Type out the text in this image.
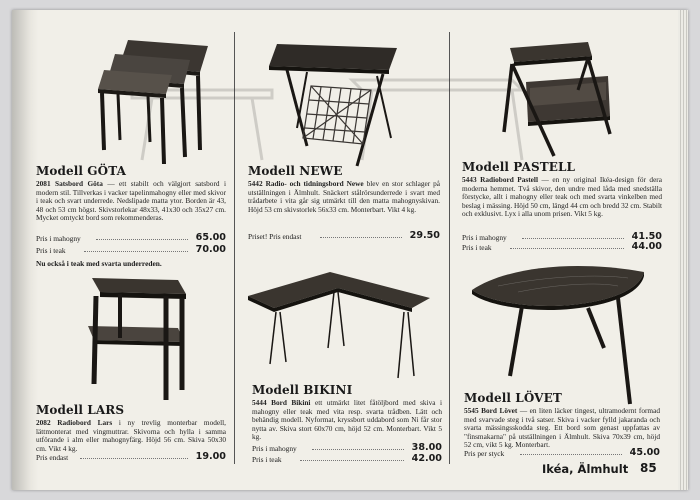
Modell GÖTA
2081 Satsbord Göta — ett stabilt och välgjort satsbord i modern stil. Tillverkas i vacker tapelinmahogny eller med skivor i teak och svart underrede. Nedslipade matta ytor. Borden är 43, 48 och 53 cm högst. Skivstorlekar 48x33, 41x30 och 35x27 cm. Mycket omtyckt bord som rekommenderas.
Pris i mahogny	65.00
Pris i teak	70.00
Nu också i teak med svarta underreden.
Modell NEWE
5442 Radio- och tidningsbord Newe blev en stor schlager på utställningen i Älmhult. Snäckert stålrörsunderrede i svart med trådarbete i vita går sig utmärkt till den matta mahognyskivan. Höjd 53 cm skivstorlek 56x33 cm. Monterbart. Vikt 4 kg.
Priset! Pris endast	29.50
Modell PASTELL
5443 Radiobord Pastell — en ny original Ikéa-design för dera moderna hemmet. Två skivor, den undre med låda med snedställa förstycke, allt i mahogny eller teak och med svarta vinkelben med beslag i mässing. Höjd 50 cm, längd 44 cm och bredd 32 cm. Stabilt och exklusivt. Lyx i alla unom prisen. Vikt 5 kg.
Pris i mahogny	41.50
Pris i teak	44.00
Modell LARS
2082 Radiobord Lars i ny trevlig monterbar modell, lättmonterat med vingmuttrar. Skivorna och hylla i samma utförande i alm eller mahognyfärg. Höjd 56 cm. Skiva 50x30 cm. Vikt 4 kg.
Pris endast	19.00
Modell BIKINI
5444 Bord Bikini ett utmärkt litet fåtöljbord med skiva i mahogny eller teak med vita resp. svarta trådben. Lätt och behändig modell. Nyformat, kryssbort uddabord som Ni får stor nytta av. Skiva stort 60x70 cm, höjd 52 cm. Monterbart. Vikt 5 kg.
Pris i mahogny	38.00
Pris i teak	42.00
Modell LÖVET
5545 Bord Lövet — en liten läcker tingest, ultramodernt formad med svarvade steg i två satser. Skiva i vacker fylld jakaranda och svarta mässingsskodda steg. Ett bord som genast uppfattas av "finsmakarna" på utställningen i Älmhult. Skiva 70x39 cm, höjd 52 cm, vikt 5 kg. Monterbart.
Pris per styck	45.00
Ikéa, Älmhult 85
